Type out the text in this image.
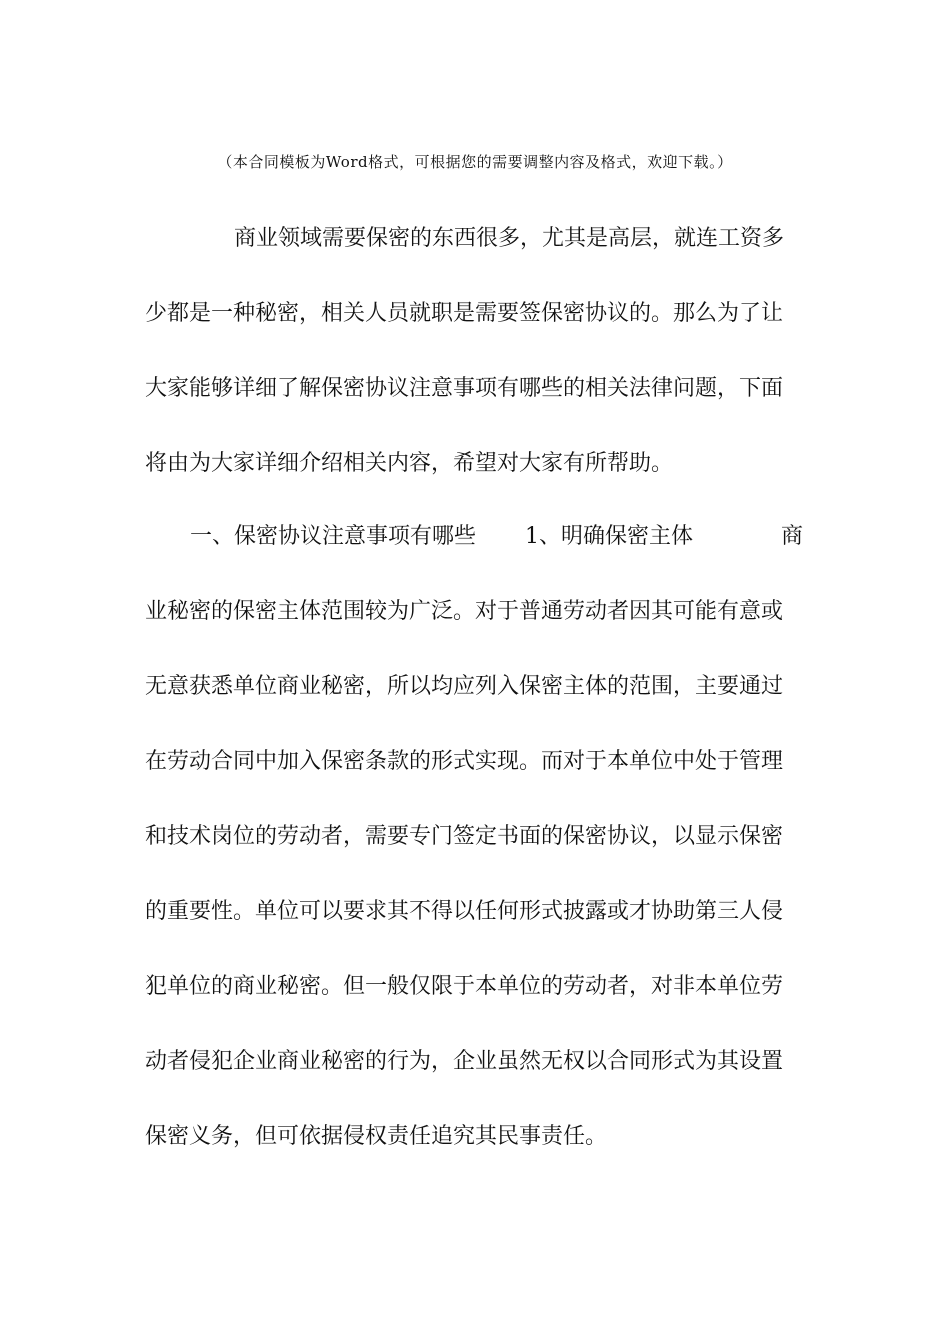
（本合同模板为Word格式，可根据您的需要调整内容及格式，欢迎下载。）
商业领域需要保密的东西很多，尤其是高层，就连工资多
少都是一种秘密，相关人员就职是需要签保密协议的。那么为了让
大家能够详细了解保密协议注意事项有哪些的相关法律问题，下面
将由为大家详细介绍相关内容，希望对大家有所帮助。
一、保密协议注意事项有哪些 1、明确保密主体	商
业秘密的保密主体范围较为广泛。对于普通劳动者因其可能有意或
无意获悉单位商业秘密，所以均应列入保密主体的范围，主要通过
在劳动合同中加入保密条款的形式实现。而对于本单位中处于管理
和技术岗位的劳动者，需要专门签定书面的保密协议，以显示保密
的重要性。单位可以要求其不得以任何形式披露或才协助第三人侵
犯单位的商业秘密。但一般仅限于本单位的劳动者，对非本单位劳
动者侵犯企业商业秘密的行为，企业虽然无权以合同形式为其设置
保密义务，但可依据侵权责任追究其民事责任。
